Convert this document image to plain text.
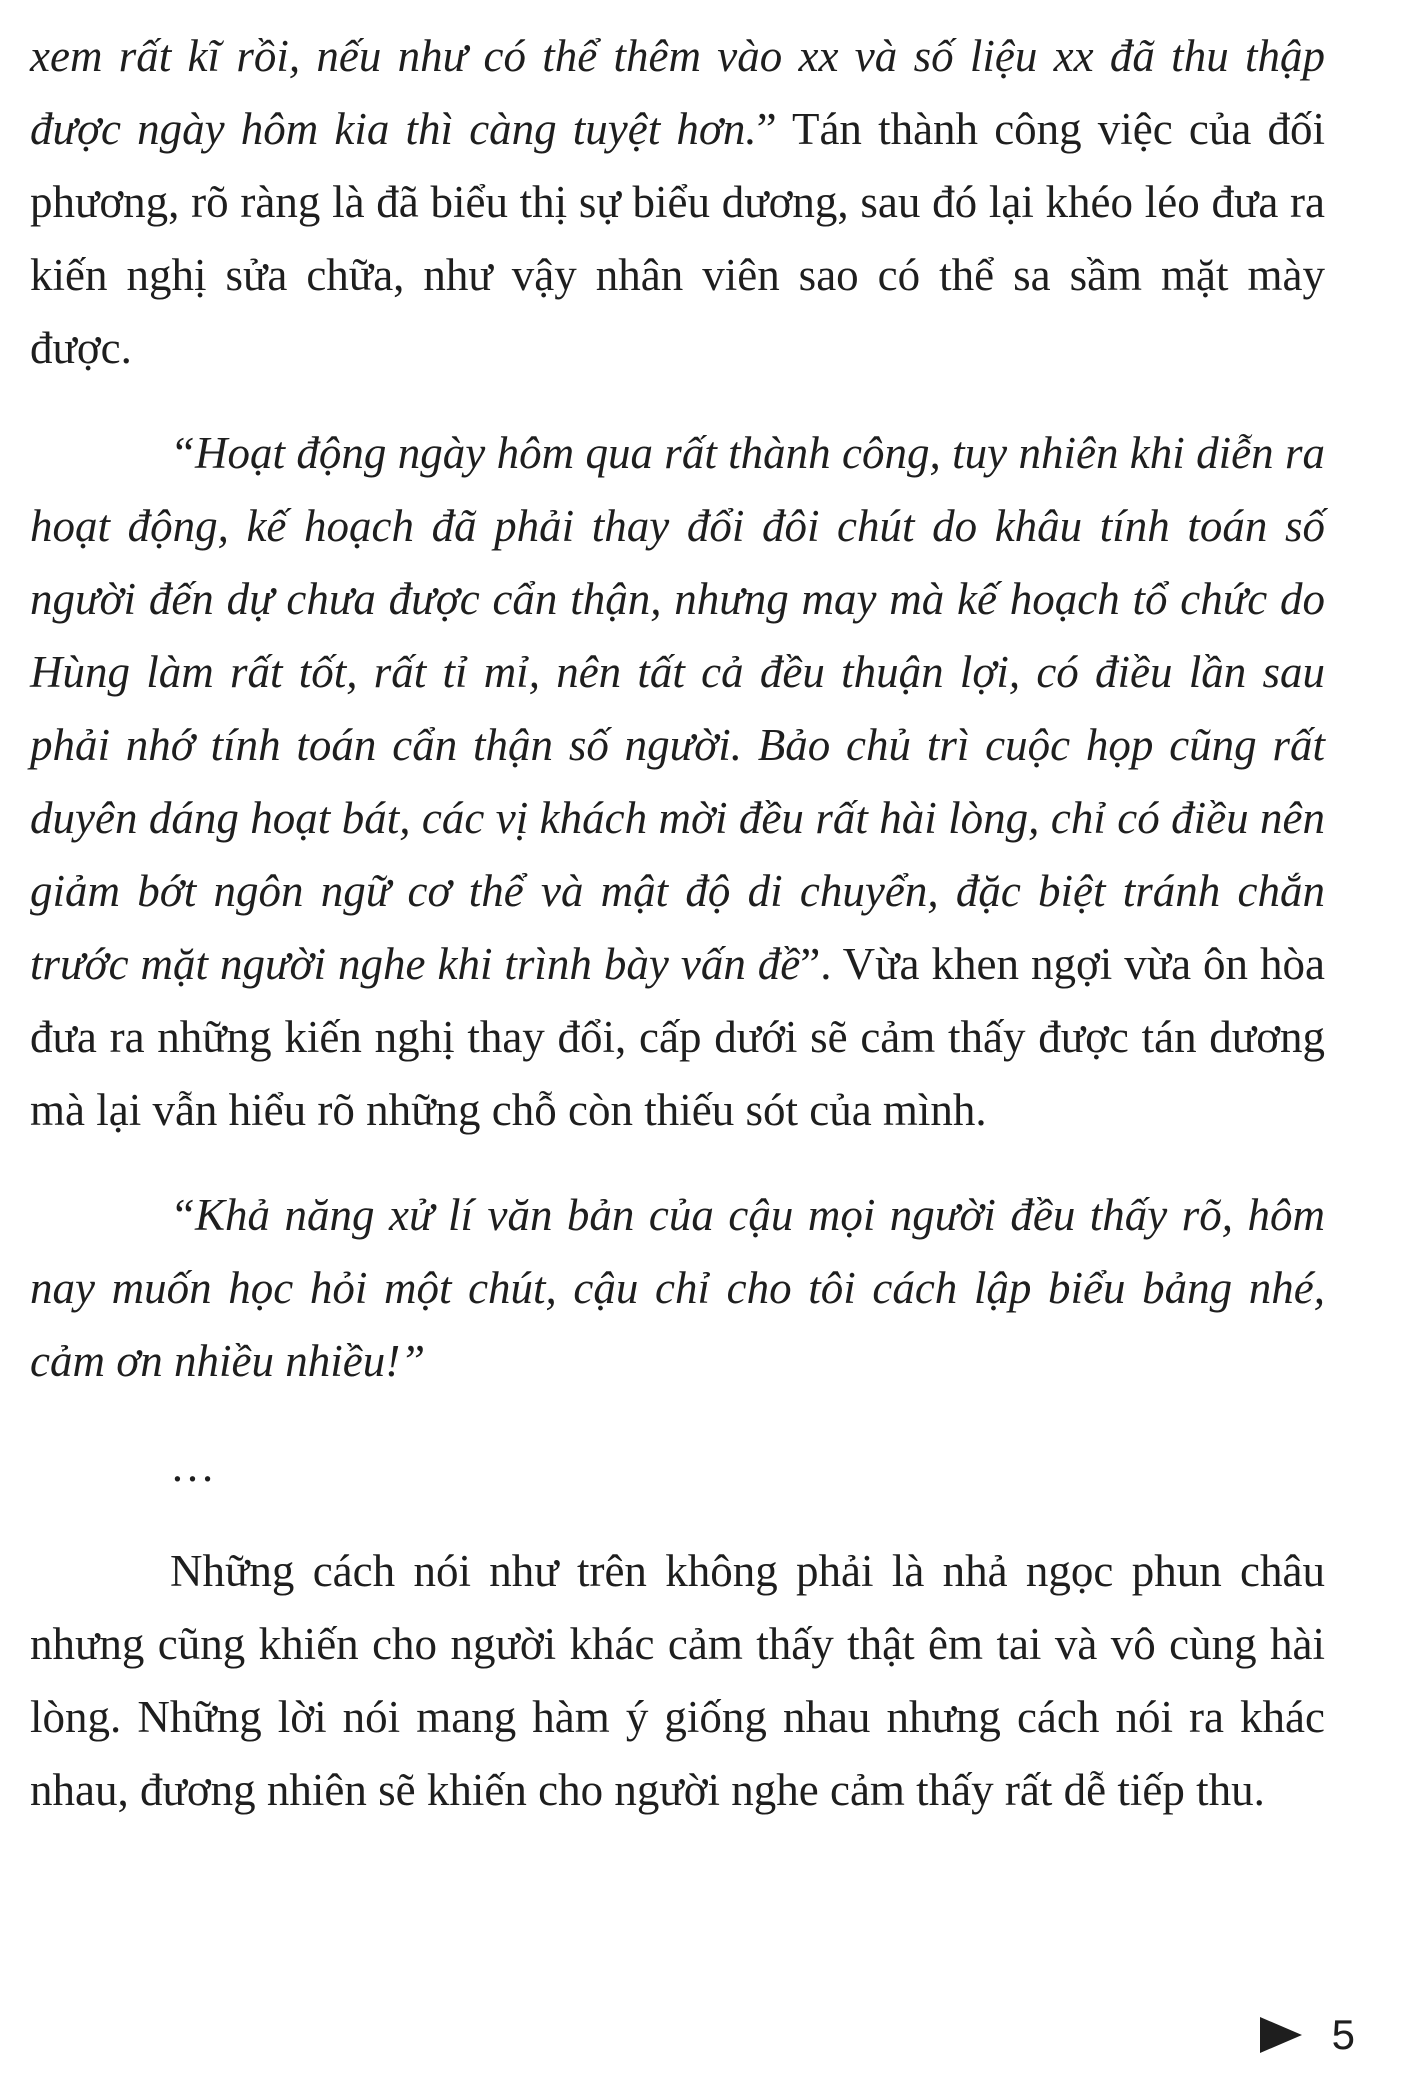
xem rất kĩ rồi, nếu như có thể thêm vào xx và số liệu xx đã thu thập được ngày hôm kia thì càng tuyệt hơn.” Tán thành công việc của đối phương, rõ ràng là đã biểu thị sự biểu dương, sau đó lại khéo léo đưa ra kiến nghị sửa chữa, như vậy nhân viên sao có thể sa sầm mặt mày được.

“Hoạt động ngày hôm qua rất thành công, tuy nhiên khi diễn ra hoạt động, kế hoạch đã phải thay đổi đôi chút do khâu tính toán số người đến dự chưa được cẩn thận, nhưng may mà kế hoạch tổ chức do Hùng làm rất tốt, rất tỉ mỉ, nên tất cả đều thuận lợi, có điều lần sau phải nhớ tính toán cẩn thận số người. Bảo chủ trì cuộc họp cũng rất duyên dáng hoạt bát, các vị khách mời đều rất hài lòng, chỉ có điều nên giảm bớt ngôn ngữ cơ thể và mật độ di chuyển, đặc biệt tránh chắn trước mặt người nghe khi trình bày vấn đề”. Vừa khen ngợi vừa ôn hòa đưa ra những kiến nghị thay đổi, cấp dưới sẽ cảm thấy được tán dương mà lại vẫn hiểu rõ những chỗ còn thiếu sót của mình.

“Khả năng xử lí văn bản của cậu mọi người đều thấy rõ, hôm nay muốn học hỏi một chút, cậu chỉ cho tôi cách lập biểu bảng nhé, cảm ơn nhiều nhiều!”

…

Những cách nói như trên không phải là nhả ngọc phun châu nhưng cũng khiến cho người khác cảm thấy thật êm tai và vô cùng hài lòng. Những lời nói mang hàm ý giống nhau nhưng cách nói ra khác nhau, đương nhiên sẽ khiến cho người nghe cảm thấy rất dễ tiếp thu.

5
